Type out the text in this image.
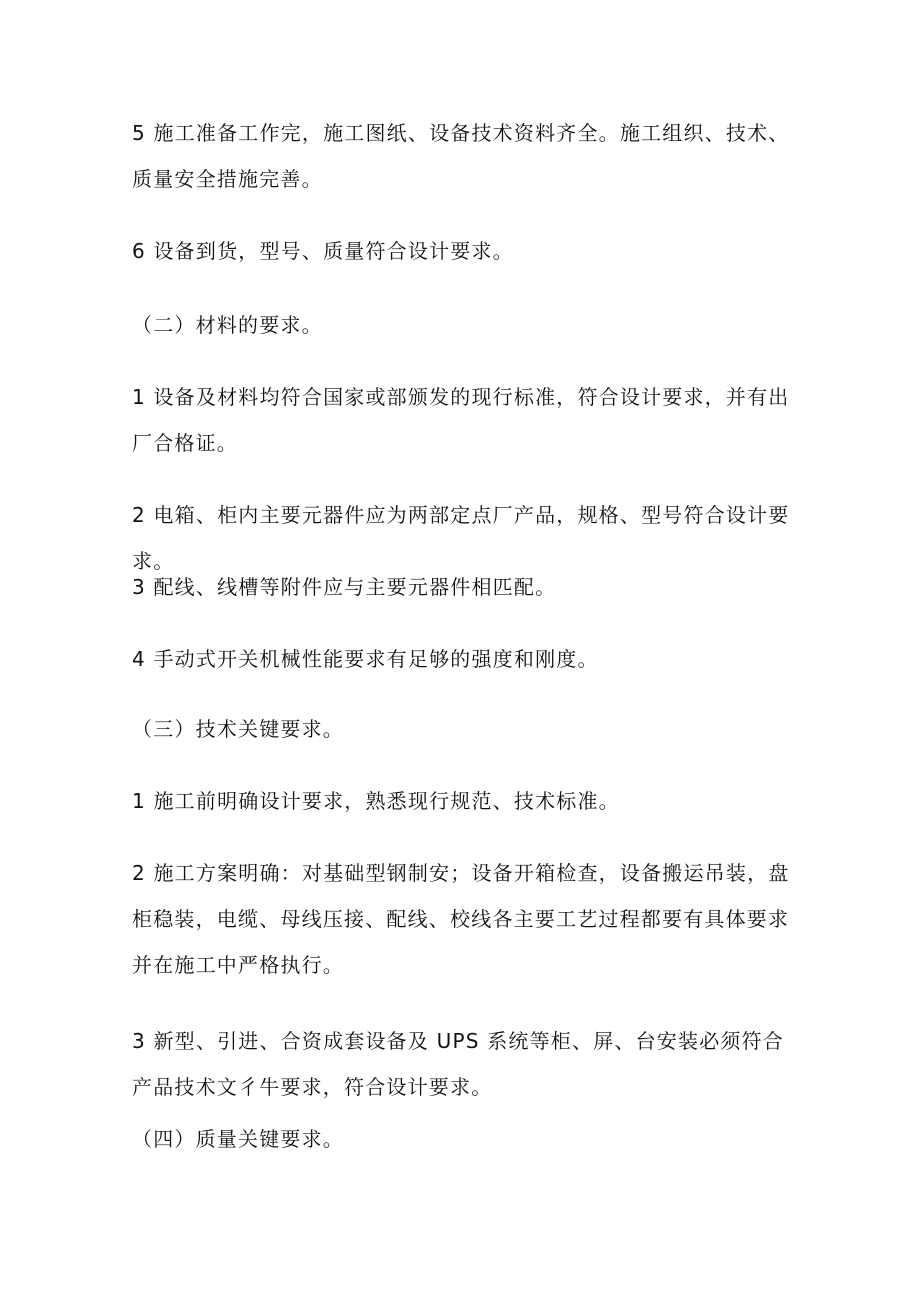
5 施工准备工作完，施工图纸、设备技术资料齐全。施工组织、技术、质量安全措施完善。

6 设备到货，型号、质量符合设计要求。

（二）材料的要求。

1 设备及材料均符合国家或部颁发的现行标准，符合设计要求，并有出厂合格证。

2 电箱、柜内主要元器件应为两部定点厂产品，规格、型号符合设计要求。

3 配线、线槽等附件应与主要元器件相匹配。

4 手动式开关机械性能要求有足够的强度和刚度。

（三）技术关键要求。

1 施工前明确设计要求，熟悉现行规范、技术标准。

2 施工方案明确：对基础型钢制安；设备开箱检查，设备搬运吊装，盘柜稳装，电缆、母线压接、配线、校线各主要工艺过程都要有具体要求并在施工中严格执行。

3 新型、引进、合资成套设备及 UPS 系统等柜、屏、台安装必须符合产品技术文彳牛要求，符合设计要求。

（四）质量关键要求。
